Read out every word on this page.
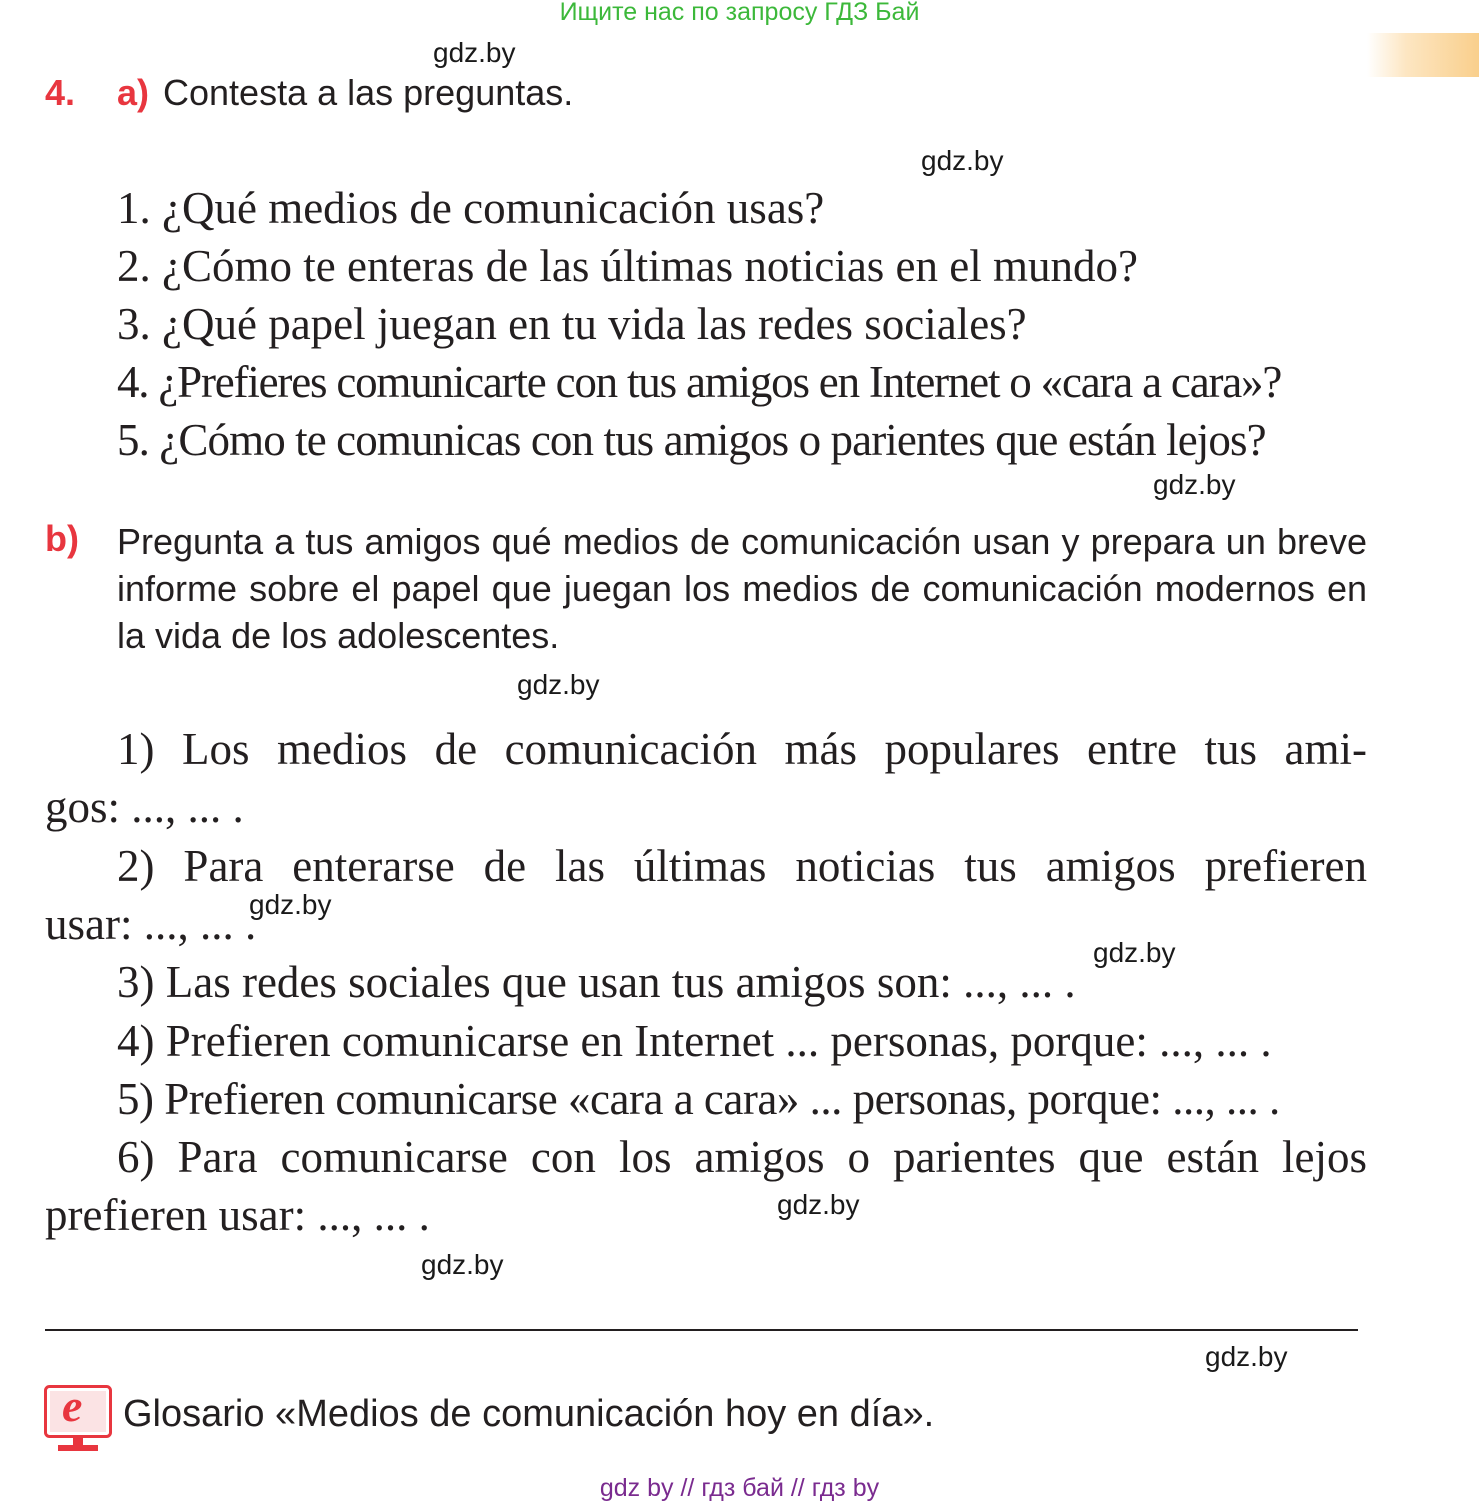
Ищите нас по запросу ГДЗ Бай
gdz.by
gdz.by
gdz.by
gdz.by
gdz.by
gdz.by
gdz.by
gdz.by
gdz.by
4. a) Contesta a las preguntas.
1. ¿Qué medios de comunicación usas?
2. ¿Cómo te enteras de las últimas noticias en el mundo?
3. ¿Qué papel juegan en tu vida las redes sociales?
4. ¿Prefieres comunicarte con tus amigos en Internet o «cara a cara»?
5. ¿Cómo te comunicas con tus amigos o parientes que están lejos?
b) Pregunta a tus amigos qué medios de comunicación usan y prepara un breve informe sobre el papel que juegan los medios de comunicación modernos en la vida de los adolescentes.
1) Los medios de comunicación más populares entre tus ami-
gos: ..., ... .
2) Para enterarse de las últimas noticias tus amigos prefieren
usar: ..., ... .
3) Las redes sociales que usan tus amigos son: ..., ... .
4) Prefieren comunicarse en Internet ... personas, porque: ..., ... .
5) Prefieren comunicarse «cara a cara» ... personas, porque: ..., ... .
6) Para comunicarse con los amigos o parientes que están lejos
prefieren usar: ..., ... .
e Glosario «Medios de comunicación hoy en día».
gdz by // гдз бай // гдз by
